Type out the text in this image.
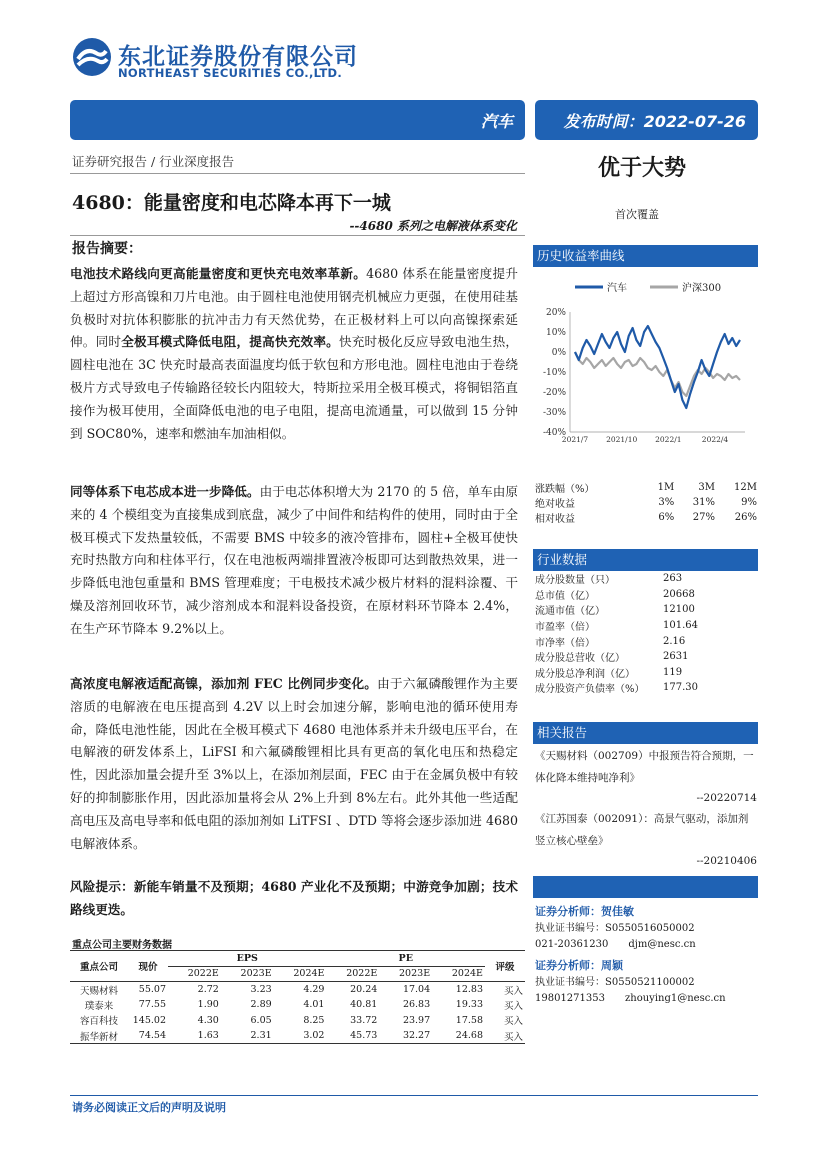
东北证券股份有限公司
NORTHEAST SECURITIES CO.,LTD.
汽车	发布时间：2022-07-26
证券研究报告 / 行业深度报告
4680：能量密度和电芯降本再下一城
--4680 系列之电解液体系变化
优于大势
首次覆盖
报告摘要：
电池技术路线向更高能量密度和更快充电效率革新。4680 体系在能量密度提升上超过方形高镍和刀片电池。由于圆柱电池使用钢壳机械应力更强，在使用硅基负极时对抗体积膨胀的抗冲击力有天然优势，在正极材料上可以向高镍探索延伸。同时全极耳模式降低电阻，提高快充效率。快充时极化反应导致电池生热，圆柱电池在 3C 快充时最高表面温度均低于软包和方形电池。圆柱电池由于卷绕极片方式导致电子传输路径较长内阻较大，特斯拉采用全极耳模式，将铜铝箔直接作为极耳使用，全面降低电池的电子电阻，提高电流通量，可以做到 15 分钟到 SOC80%，速率和燃油车加油相似。
同等体系下电芯成本进一步降低。由于电芯体积增大为 2170 的 5 倍，单车由原来的 4 个模组变为直接集成到底盘，减少了中间件和结构件的使用，同时由于全极耳模式下发热量较低，不需要 BMS 中较多的液冷管排布，圆柱+全极耳使快充时热散方向和柱体平行，仅在电池板两端排置液冷板即可达到散热效果，进一步降低电池包重量和 BMS 管理难度；干电极技术减少极片材料的混料涂覆、干燥及溶剂回收环节，减少溶剂成本和混料设备投资，在原材料环节降本 2.4%，在生产环节降本 9.2%以上。
高浓度电解液适配高镍，添加剂 FEC 比例同步变化。由于六氟磷酸锂作为主要溶质的电解液在电压提高到 4.2V 以上时会加速分解，影响电池的循环使用寿命，降低电池性能，因此在全极耳模式下 4680 电池体系并未升级电压平台，在电解液的研发体系上，LiFSI 和六氟磷酸锂相比具有更高的氧化电压和热稳定性，因此添加量会提升至 3%以上，在添加剂层面，FEC 由于在金属负极中有较好的抑制膨胀作用，因此添加量将会从 2%上升到 8%左右。此外其他一些适配高电压及高电导率和低电阻的添加剂如 LiTFSI 、DTD 等将会逐步添加进 4680 电解液体系。
风险提示：新能车销量不及预期；4680 产业化不及预期；中游竞争加剧；技术路线更迭。
重点公司主要财务数据
重点公司	现价	EPS			PE			评级
		2022E	2023E	2024E	2022E	2023E	2024E	
天赐材料	55.07	2.72	3.23	4.29	20.24	17.04	12.83	买入
璞泰来	77.55	1.90	2.89	4.01	40.81	26.83	19.33	买入
容百科技	145.02	4.30	6.05	8.25	33.72	23.97	17.58	买入
振华新材	74.54	1.63	2.31	3.02	45.73	32.27	24.68	买入
历史收益率曲线
汽车	沪深300
20%
10%
0%
-10%
-20%
-30%
-40%
2021/7 2021/10 2022/1	2022/4
涨跌幅（%）	1M	3M	12M
绝对收益	3%	31%	9%
相对收益	6%	27%	26%
行业数据
成分股数量（只）	263
总市值（亿）	20668
流通市值（亿）	12100
市盈率（倍）	101.64
市净率（倍）	2.16
成分股总营收（亿）	2631
成分股总净利润（亿）	119
成分股资产负债率（%）	177.30
相关报告
《天赐材料（002709）中报预告符合预期，一体化降本维持吨净利》
--20220714
《江苏国泰（002091）：高景气驱动，添加剂竖立核心壁垒》
--20210406
证券分析师：贺佳敏
执业证书编号：S0550516050002
021-20361230 djm@nesc.cn
证券分析师：周颖
执业证书编号：S0550521100002
19801271353 zhouying1@nesc.cn
请务必阅读正文后的声明及说明
